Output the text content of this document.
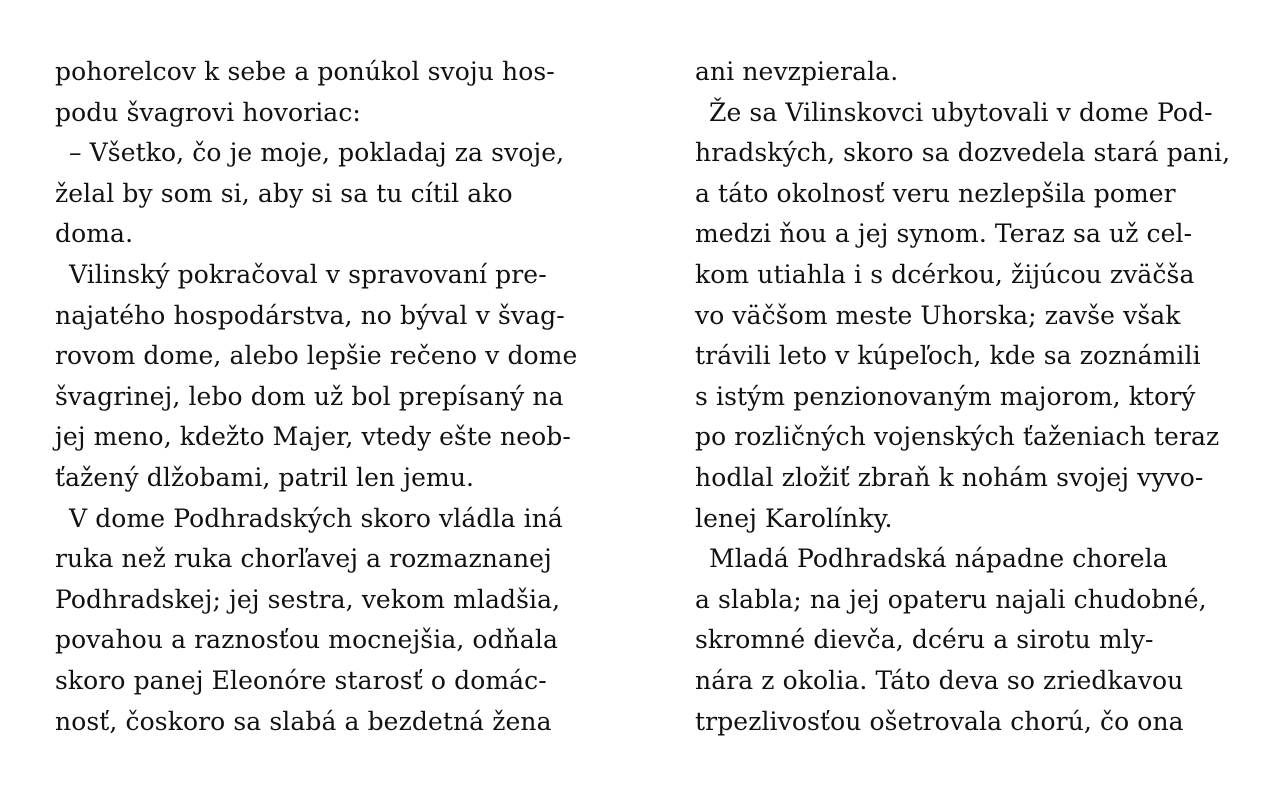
pohorelcov k sebe a ponúkol svoju hos-
podu švagrovi hovoriac:
– Všetko, čo je moje, pokladaj za svoje,
želal by som si, aby si sa tu cítil ako
doma.
Vilinský pokračoval v spravovaní pre-
najatého hospodárstva, no býval v švag-
rovom dome, alebo lepšie rečeno v dome
švagrinej, lebo dom už bol prepísaný na
jej meno, kdežto Majer, vtedy ešte neob-
ťažený dlžobami, patril len jemu.
V dome Podhradských skoro vládla iná
ruka než ruka chorľavej a rozmaznanej
Podhradskej; jej sestra, vekom mladšia,
povahou a raznosťou mocnejšia, odňala
skoro panej Eleonóre starosť o domác-
nosť, čoskoro sa slabá a bezdetná žena
ani nevzpierala.
Že sa Vilinskovci ubytovali v dome Pod-
hradských, skoro sa dozvedela stará pani,
a táto okolnosť veru nezlepšila pomer
medzi ňou a jej synom. Teraz sa už cel-
kom utiahla i s dcérkou, žijúcou zväčša
vo väčšom meste Uhorska; zavše však
trávili leto v kúpeľoch, kde sa zoznámili
s istým penzionovaným majorom, ktorý
po rozličných vojenských ťaženiach teraz
hodlal zložiť zbraň k nohám svojej vyvo-
lenej Karolínky.
Mladá Podhradská nápadne chorela
a slabla; na jej opateru najali chudobné,
skromné dievča, dcéru a sirotu mly-
nára z okolia. Táto deva so zriedkavou
trpezlivosťou ošetrovala chorú, čo ona
